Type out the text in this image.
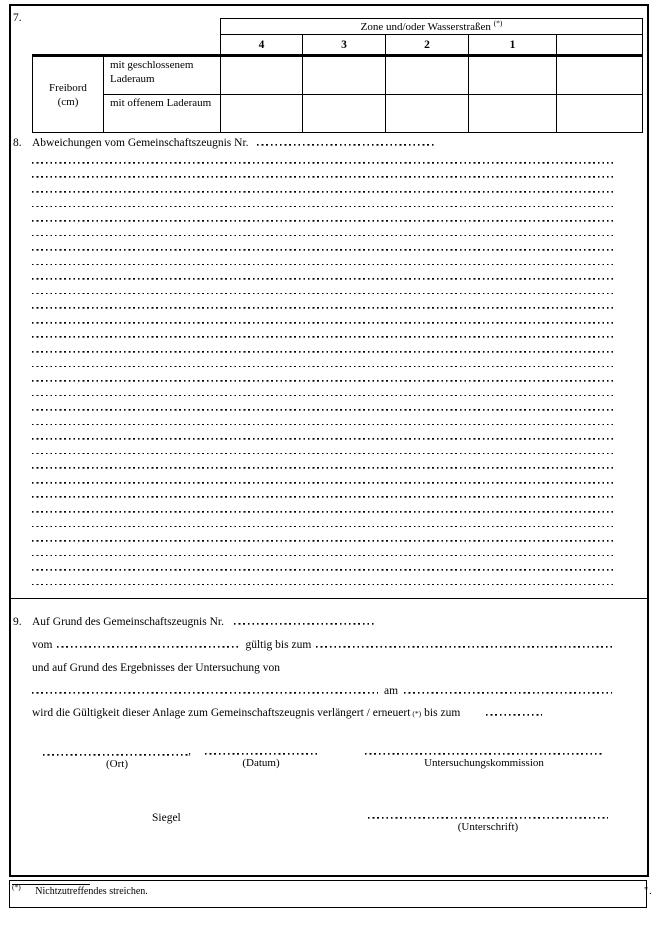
7.
		Zone und/oder Wasserstraßen (*)
		4	3	2	1	
Freibord
(cm)	mit geschlossenem Laderaum					
	mit offenem Laderaum					
8. Abweichungen vom Gemeinschaftszeugnis Nr.
9. Auf Grund des Gemeinschaftszeugnis Nr.
vom	gültig bis zum
und auf Grund des Ergebnisses der Untersuchung von
am
wird die Gültigkeit dieser Anlage zum Gemeinschaftszeugnis verlängert / erneuert (*) bis zum
,
(Ort)	(Datum)	Untersuchungskommission
Siegel
(Unterschrift)
(*) Nichtzutreffendes streichen.	".
